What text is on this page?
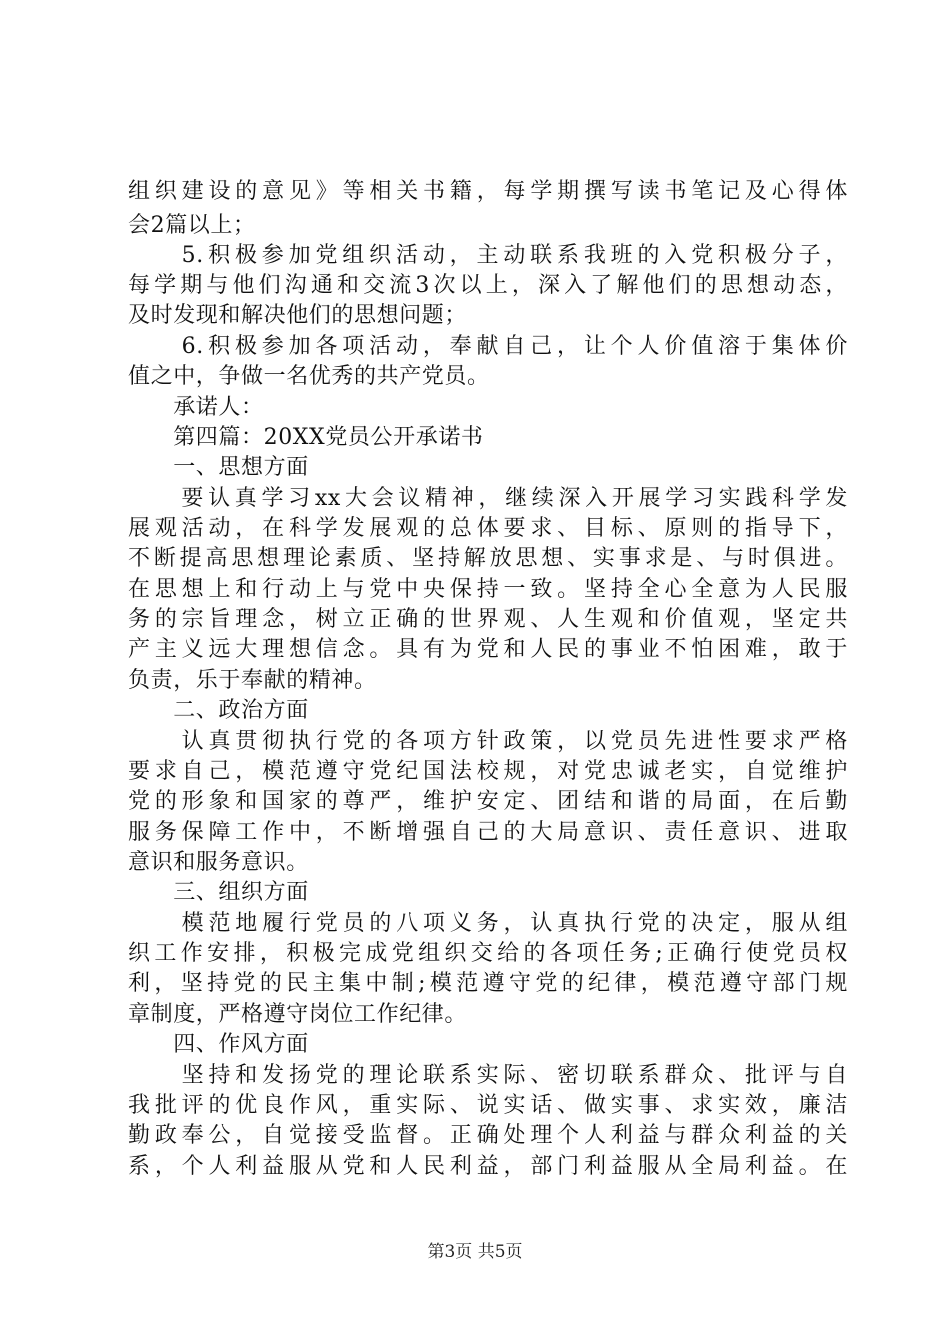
组织建设的意见》等相关书籍，每学期撰写读书笔记及心得体
会2篇以上；
　　5.积极参加党组织活动，主动联系我班的入党积极分子，
每学期与他们沟通和交流3次以上，深入了解他们的思想动态，
及时发现和解决他们的思想问题；
　　6.积极参加各项活动，奉献自己，让个人价值溶于集体价
值之中，争做一名优秀的共产党员。
　　承诺人：
　　第四篇：20XX党员公开承诺书
　　一、思想方面
　　要认真学习xx大会议精神，继续深入开展学习实践科学发
展观活动，在科学发展观的总体要求、目标、原则的指导下，
不断提高思想理论素质、坚持解放思想、实事求是、与时俱进。
在思想上和行动上与党中央保持一致。坚持全心全意为人民服
务的宗旨理念，树立正确的世界观、人生观和价值观，坚定共
产主义远大理想信念。具有为党和人民的事业不怕困难，敢于
负责，乐于奉献的精神。
　　二、政治方面
　　认真贯彻执行党的各项方针政策，以党员先进性要求严格
要求自己，模范遵守党纪国法校规，对党忠诚老实，自觉维护
党的形象和国家的尊严，维护安定、团结和谐的局面，在后勤
服务保障工作中，不断增强自己的大局意识、责任意识、进取
意识和服务意识。
　　三、组织方面
　　模范地履行党员的八项义务，认真执行党的决定，服从组
织工作安排，积极完成党组织交给的各项任务;正确行使党员权
利，坚持党的民主集中制;模范遵守党的纪律，模范遵守部门规
章制度，严格遵守岗位工作纪律。
　　四、作风方面
　　坚持和发扬党的理论联系实际、密切联系群众、批评与自
我批评的优良作风，重实际、说实话、做实事、求实效，廉洁
勤政奉公，自觉接受监督。正确处理个人利益与群众利益的关
系，个人利益服从党和人民利益，部门利益服从全局利益。在
第3页 共5页
